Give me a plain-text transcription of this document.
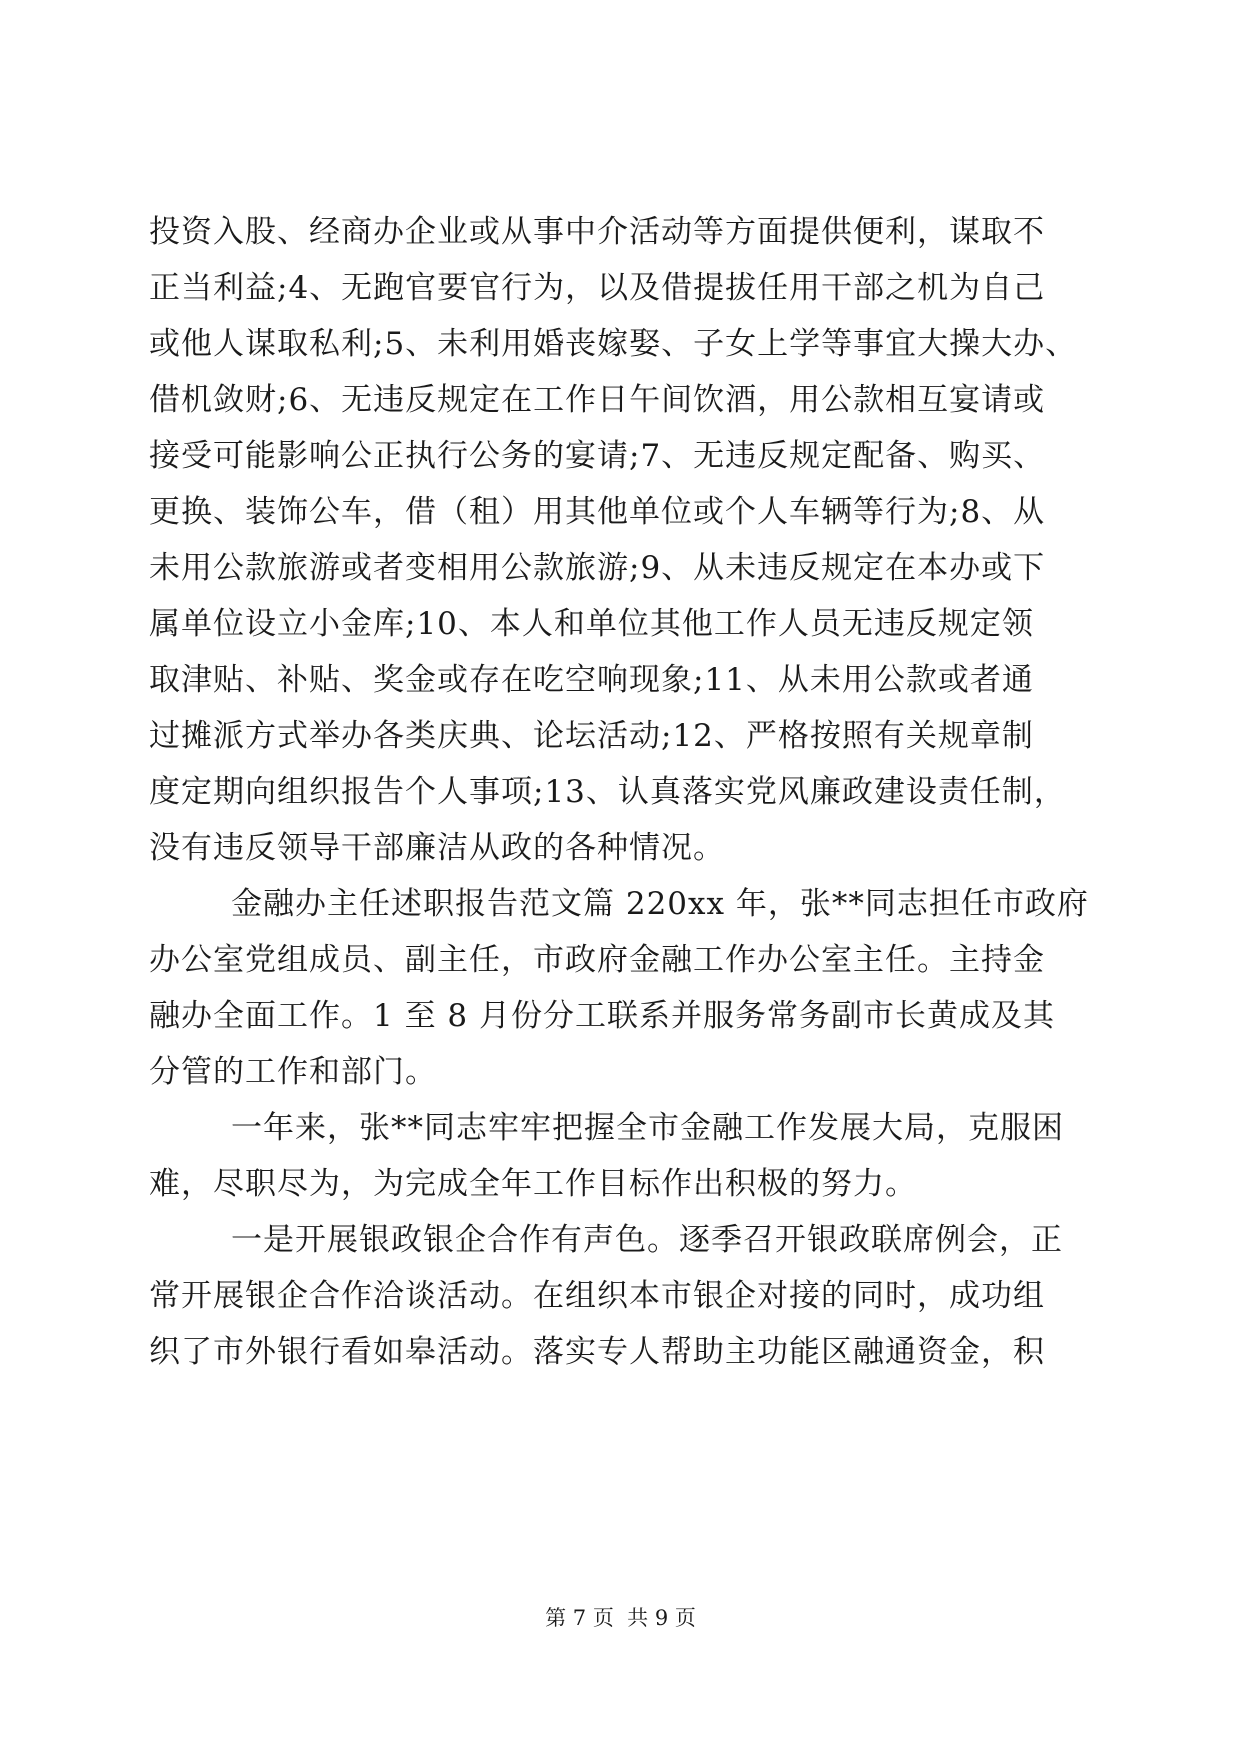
投资入股、经商办企业或从事中介活动等方面提供便利，谋取不
正当利益;4、无跑官要官行为，以及借提拔任用干部之机为自己
或他人谋取私利;5、未利用婚丧嫁娶、子女上学等事宜大操大办、
借机敛财;6、无违反规定在工作日午间饮酒，用公款相互宴请或
接受可能影响公正执行公务的宴请;7、无违反规定配备、购买、
更换、装饰公车，借（租）用其他单位或个人车辆等行为;8、从
未用公款旅游或者变相用公款旅游;9、从未违反规定在本办或下
属单位设立小金库;10、本人和单位其他工作人员无违反规定领
取津贴、补贴、奖金或存在吃空响现象;11、从未用公款或者通
过摊派方式举办各类庆典、论坛活动;12、严格按照有关规章制
度定期向组织报告个人事项;13、认真落实党风廉政建设责任制，
没有违反领导干部廉洁从政的各种情况。
金融办主任述职报告范文篇 220xx 年，张**同志担任市政府
办公室党组成员、副主任，市政府金融工作办公室主任。主持金
融办全面工作。1 至 8 月份分工联系并服务常务副市长黄成及其
分管的工作和部门。
一年来，张**同志牢牢把握全市金融工作发展大局，克服困
难，尽职尽为，为完成全年工作目标作出积极的努力。
一是开展银政银企合作有声色。逐季召开银政联席例会，正
常开展银企合作洽谈活动。在组织本市银企对接的同时，成功组
织了市外银行看如皋活动。落实专人帮助主功能区融通资金，积
第 7 页  共 9 页
